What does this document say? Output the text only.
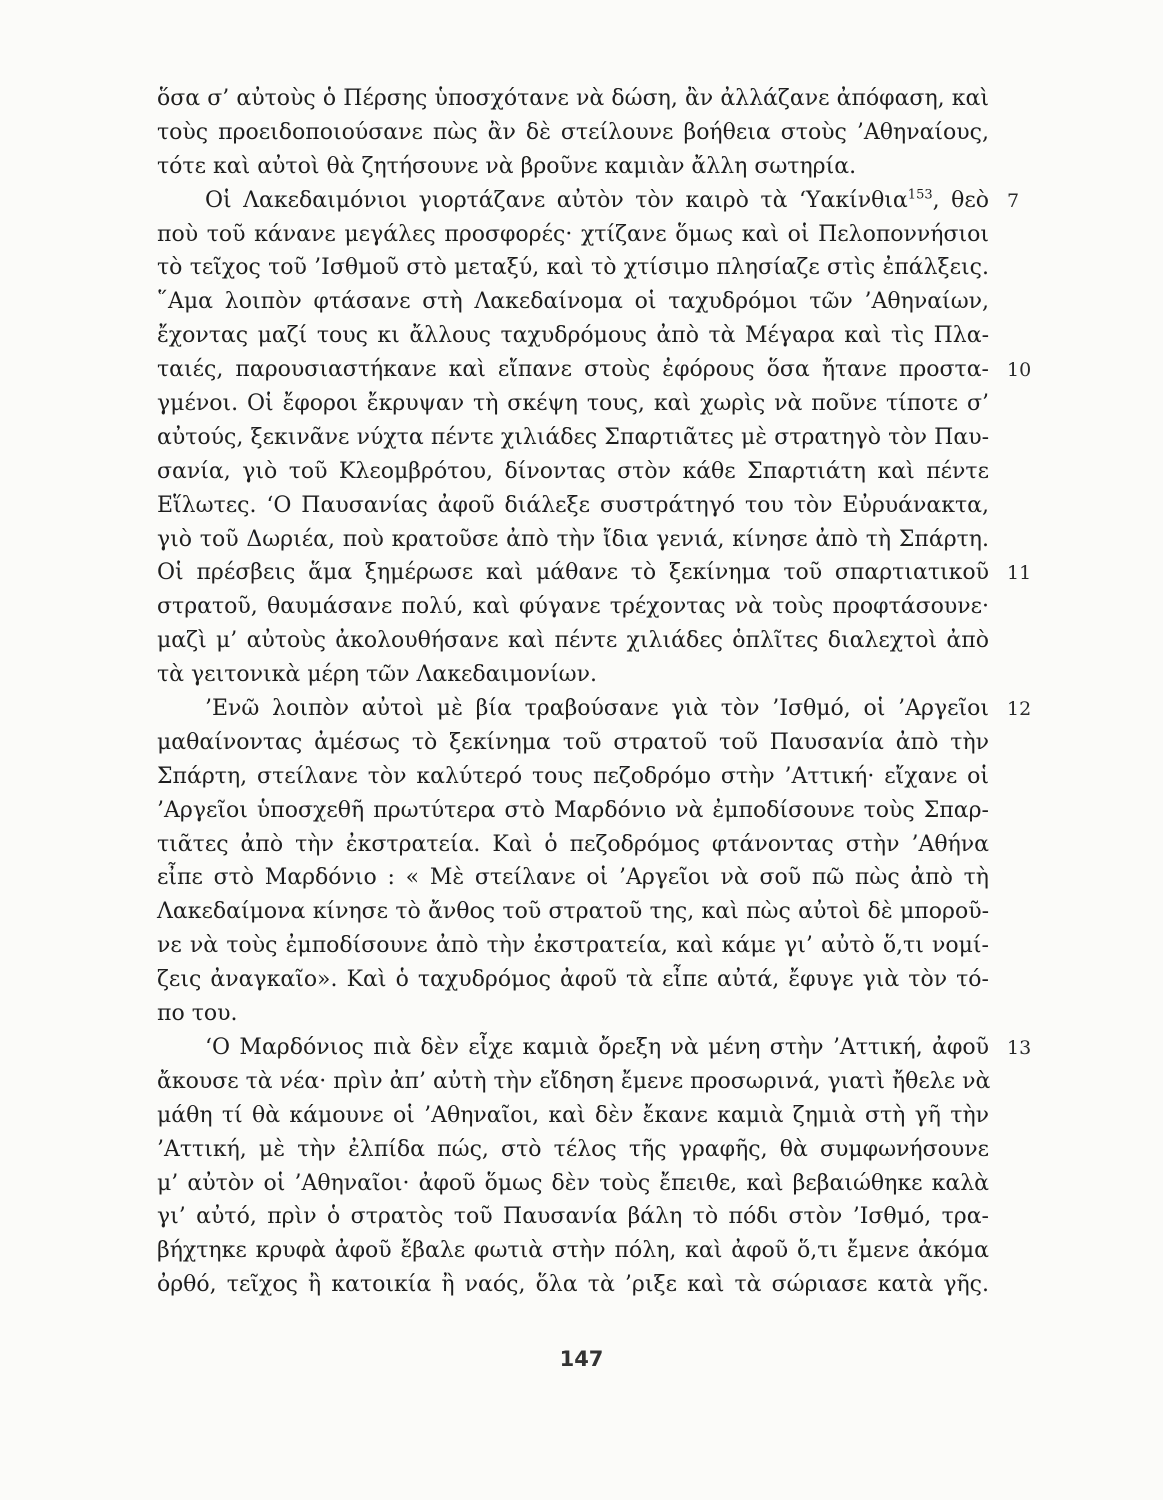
ὅσα σ’ αὐτοὺς ὁ Πέρσης ὑποσχότανε νὰ δώση, ἂν ἀλλάζανε ἀπόφαση, καὶ
τοὺς προειδοποιούσανε πὼς ἂν δὲ στείλουνε βοήθεια στοὺς ’Αθηναίους,
τότε καὶ αὐτοὶ θὰ ζητήσουνε νὰ βροῦνε καμιὰν ἄλλη σωτηρία.
Οἱ Λακεδαιμόνιοι γιορτάζανε αὐτὸν τὸν καιρὸ τὰ ‘Υακίνθια$^{153}$, θεὸ 7
ποὺ τοῦ κάνανε μεγάλες προσφορές· χτίζανε ὅμως καὶ οἱ Πελοποννήσιοι
τὸ τεῖχος τοῦ ’Ισθμοῦ στὸ μεταξύ, καὶ τὸ χτίσιμο πλησίαζε στὶς ἐπάλξεις.
῞Αμα λοιπὸν φτάσανε στὴ Λακεδαίνομα οἱ ταχυδρόμοι τῶν ’Αθηναίων,
ἔχοντας μαζί τους κι ἄλλους ταχυδρόμους ἀπὸ τὰ Μέγαρα καὶ τὶς Πλα-
ταιές, παρουσιαστήκανε καὶ εἴπανε στοὺς ἐφόρους ὅσα ἤτανε προστα- 10
γμένοι. Οἱ ἔφοροι ἔκρυψαν τὴ σκέψη τους, καὶ χωρὶς νὰ ποῦνε τίποτε σ’
αὐτούς, ξεκινᾶνε νύχτα πέντε χιλιάδες Σπαρτιᾶτες μὲ στρατηγὸ τὸν Παυ-
σανία, γιὸ τοῦ Κλεομβρότου, δίνοντας στὸν κάθε Σπαρτιάτη καὶ πέντε
Εἵλωτες. ‘Ο Παυσανίας ἀφοῦ διάλεξε συστράτηγό του τὸν Εὐρυάνακτα,
γιὸ τοῦ Δωριέα, ποὺ κρατοῦσε ἀπὸ τὴν ἴδια γενιά, κίνησε ἀπὸ τὴ Σπάρτη.
Οἱ πρέσβεις ἅμα ξημέρωσε καὶ μάθανε τὸ ξεκίνημα τοῦ σπαρτιατικοῦ 11
στρατοῦ, θαυμάσανε πολύ, καὶ φύγανε τρέχοντας νὰ τοὺς προφτάσουνε·
μαζὶ μ’ αὐτοὺς ἀκολουθήσανε καὶ πέντε χιλιάδες ὁπλῖτες διαλεχτοὶ ἀπὸ
τὰ γειτονικὰ μέρη τῶν Λακεδαιμονίων.
’Ενῶ λοιπὸν αὐτοὶ μὲ βία τραβούσανε γιὰ τὸν ’Ισθμό, οἱ ’Αργεῖοι 12
μαθαίνοντας ἀμέσως τὸ ξεκίνημα τοῦ στρατοῦ τοῦ Παυσανία ἀπὸ τὴν
Σπάρτη, στείλανε τὸν καλύτερό τους πεζοδρόμο στὴν ’Αττική· εἴχανε οἱ
’Αργεῖοι ὑποσχεθῆ πρωτύτερα στὸ Μαρδόνιο νὰ ἐμποδίσουνε τοὺς Σπαρ-
τιᾶτες ἀπὸ τὴν ἐκστρατεία. Καὶ ὁ πεζοδρόμος φτάνοντας στὴν ’Αθήνα
εἶπε στὸ Μαρδόνιο : « Μὲ στείλανε οἱ ’Αργεῖοι νὰ σοῦ πῶ πὼς ἀπὸ τὴ
Λακεδαίμονα κίνησε τὸ ἄνθος τοῦ στρατοῦ της, καὶ πὼς αὐτοὶ δὲ μποροῦ-
νε νὰ τοὺς ἐμποδίσουνε ἀπὸ τὴν ἐκστρατεία, καὶ κάμε γι’ αὐτὸ ὅ,τι νομί-
ζεις ἀναγκαῖο». Καὶ ὁ ταχυδρόμος ἀφοῦ τὰ εἶπε αὐτά, ἔφυγε γιὰ τὸν τό-
πο του.
‘Ο Μαρδόνιος πιὰ δὲν εἶχε καμιὰ ὄρεξη νὰ μένη στὴν ’Αττική, ἀφοῦ 13
ἄκουσε τὰ νέα· πρὶν ἀπ’ αὐτὴ τὴν εἴδηση ἔμενε προσωρινά, γιατὶ ἤθελε νὰ
μάθη τί θὰ κάμουνε οἱ ’Αθηναῖοι, καὶ δὲν ἔκανε καμιὰ ζημιὰ στὴ γῆ τὴν
’Αττική, μὲ τὴν ἐλπίδα πώς, στὸ τέλος τῆς γραφῆς, θὰ συμφωνήσουνε
μ’ αὐτὸν οἱ ’Αθηναῖοι· ἀφοῦ ὅμως δὲν τοὺς ἔπειθε, καὶ βεβαιώθηκε καλὰ
γι’ αὐτό, πρὶν ὁ στρατὸς τοῦ Παυσανία βάλη τὸ πόδι στὸν ’Ισθμό, τρα-
βήχτηκε κρυφὰ ἀφοῦ ἔβαλε φωτιὰ στὴν πόλη, καὶ ἀφοῦ ὅ,τι ἔμενε ἀκόμα
ὀρθό, τεῖχος ἢ κατοικία ἢ ναός, ὅλα τὰ ’ριξε καὶ τὰ σώριασε κατὰ γῆς.
147
